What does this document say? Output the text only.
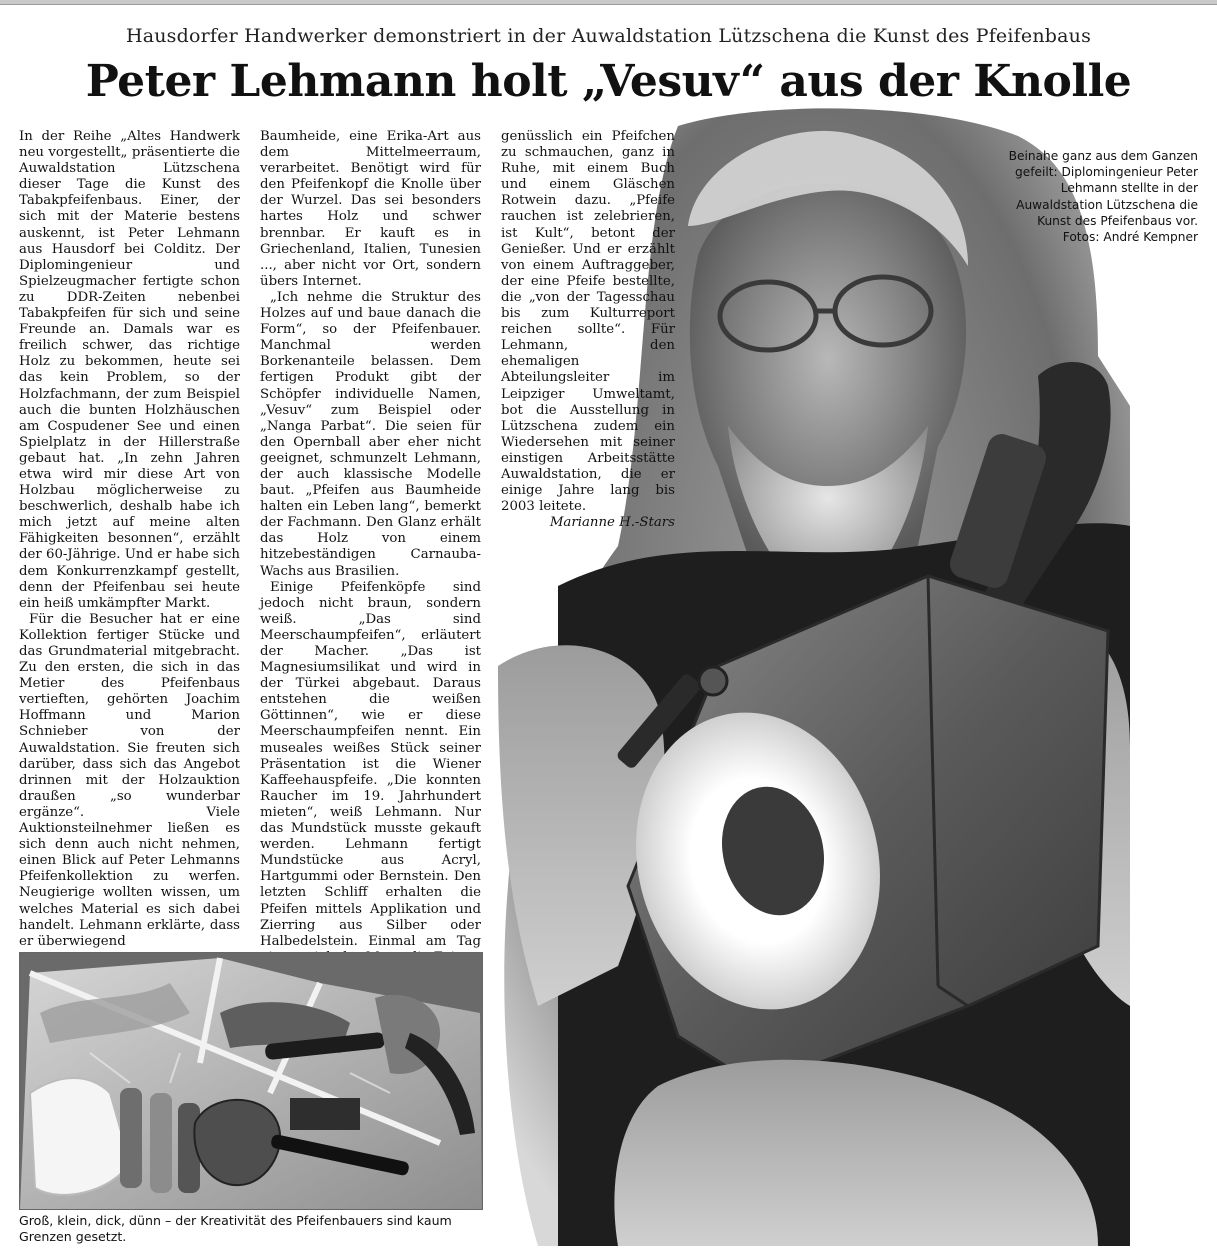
Hausdorfer Handwerker demonstriert in der Auwaldstation Lützschena die Kunst des Pfeifenbaus
Peter Lehmann holt „Vesuv“ aus der Knolle

In der Reihe „Altes Handwerk neu vorgestellt„ präsentierte die Auwaldstation Lützschena dieser Tage die Kunst des Tabakpfeifenbaus. Einer, der sich mit der Materie bestens auskennt, ist Peter Lehmann aus Hausdorf bei Colditz. Der Diplomingenieur und Spielzeugmacher fertigte schon zu DDR-Zeiten nebenbei Tabakpfeifen für sich und seine Freunde an. Damals war es freilich schwer, das richtige Holz zu bekommen, heute sei das kein Problem, so der Holzfachmann, der zum Beispiel auch die bunten Holzhäuschen am Cospudener See und einen Spielplatz in der Hillerstraße gebaut hat. „In zehn Jahren etwa wird mir diese Art von Holzbau möglicherweise zu beschwerlich, deshalb habe ich mich jetzt auf meine alten Fähigkeiten besonnen“, erzählt der 60-Jährige. Und er habe sich dem Konkurrenzkampf gestellt, denn der Pfeifenbau sei heute ein heiß umkämpfter Markt.

Für die Besucher hat er eine Kollektion fertiger Stücke und das Grundmaterial mitgebracht. Zu den ersten, die sich in das Metier des Pfeifenbaus vertieften, gehörten Joachim Hoffmann und Marion Schnieber von der Auwaldstation. Sie freuten sich darüber, dass sich das Angebot drinnen mit der Holzauktion draußen „so wunderbar ergänze“. Viele Auktionsteilnehmer ließen es sich denn auch nicht nehmen, einen Blick auf Peter Lehmanns Pfeifenkollektion zu werfen. Neugierige wollten wissen, um welches Material es sich dabei handelt. Lehmann erklärte, dass er überwiegend

Baumheide, eine Erika-Art aus dem Mittelmeerraum, verarbeitet. Benötigt wird für den Pfeifenkopf die Knolle über der Wurzel. Das sei besonders hartes Holz und schwer brennbar. Er kauft es in Griechenland, Italien, Tunesien ..., aber nicht vor Ort, sondern übers Internet.

„Ich nehme die Struktur des Holzes auf und baue danach die Form“, so der Pfeifenbauer. Manchmal werden Borkenanteile belassen. Dem fertigen Produkt gibt der Schöpfer individuelle Namen, „Vesuv“ zum Beispiel oder „Nanga Parbat“. Die seien für den Opernball aber eher nicht geeignet, schmunzelt Lehmann, der auch klassische Modelle baut. „Pfeifen aus Baumheide halten ein Leben lang“, bemerkt der Fachmann. Den Glanz erhält das Holz von einem hitzebeständigen Carnauba-Wachs aus Brasilien.

Einige Pfeifenköpfe sind jedoch nicht braun, sondern weiß. „Das sind Meerschaumpfeifen“, erläutert der Macher. „Das ist Magnesiumsilikat und wird in der Türkei abgebaut. Daraus entstehen die weißen Göttinnen“, wie er diese Meerschaumpfeifen nennt. Ein museales weißes Stück seiner Präsentation ist die Wiener Kaffeehauspfeife. „Die konnten Raucher im 19. Jahrhundert mieten“, weiß Lehmann. Nur das Mundstück musste gekauft werden. Lehmann fertigt Mundstücke aus Acryl, Hartgummi oder Bernstein. Den letzten Schliff erhalten die Pfeifen mittels Applikation und Zierring aus Silber oder Halbedelstein. Einmal am Tag

genüsslich ein Pfeifchen zu schmauchen, ganz in Ruhe, mit einem Buch und einem Gläschen Rotwein dazu. „Pfeife rauchen ist zelebrieren, ist Kult“, betont der Genießer. Und er erzählt von einem Auftraggeber, der eine Pfeife bestellte, die „von der Tagesschau bis zum Kulturreport reichen sollte“. Für Lehmann, den ehemaligen Abteilungsleiter im Leipziger Umweltamt, bot die Ausstellung in Lützschena zudem ein Wiedersehen mit seiner einstigen Arbeitsstätte Auwaldstation, die er einige Jahre lang bis 2003 leitete.

Marianne H.-Stars

Beinahe ganz aus dem Ganzen gefeilt: Diplomingenieur Peter Lehmann stellte in der Auwaldstation Lützschena die Kunst des Pfeifenbaus vor.
Fotos: André Kempner
Groß, klein, dick, dünn – der Kreativität des Pfeifenbauers sind kaum Grenzen gesetzt.
